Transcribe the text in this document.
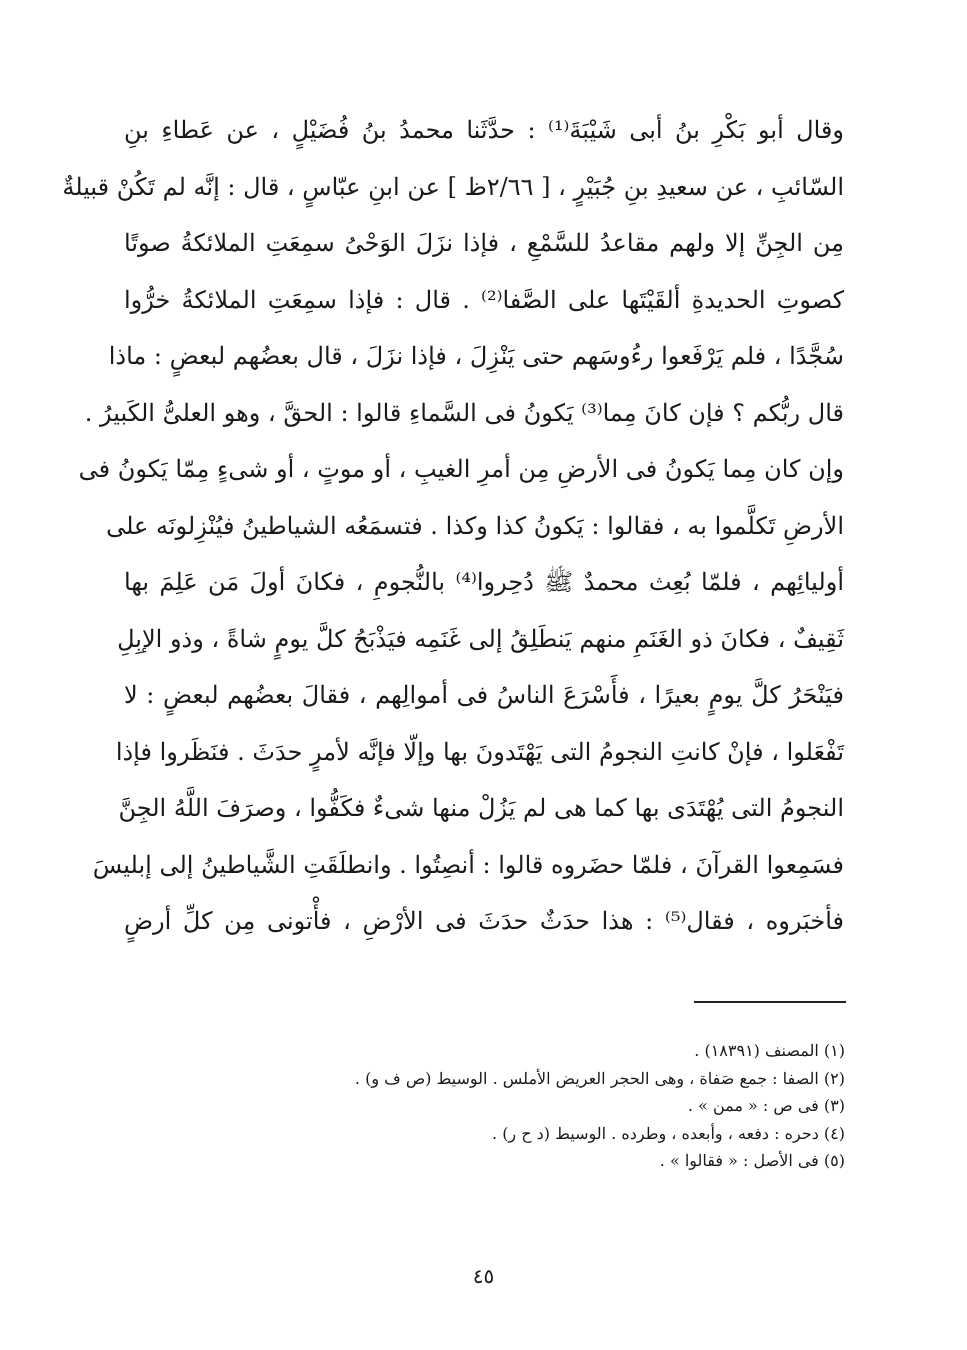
وقال أبو بَكْرِ بنُ أبى شَيْبَةَ⁽¹⁾ : حدَّثَنا محمدُ بنُ فُضَيْلٍ ، عن عَطاءِ بنِ
السّائبِ ، عن سعيدِ بنِ جُبَيْرٍ ، [ ٢/٦٦ظ ] عن ابنِ عبّاسٍ ، قال : إنَّه لم تَكُنْ قبيلةٌ
مِن الجِنِّ إلا ولهم مقاعدُ للسَّمْعِ ، فإذا نزَلَ الوَحْىُ سمِعَتِ الملائكةُ صوتًا
كصوتِ الحديدةِ ألقَيْتَها على الصَّفا⁽²⁾ . قال : فإذا سمِعَتِ الملائكةُ خرُّوا
سُجَّدًا ، فلم يَرْفَعوا رءُوسَهم حتى يَنْزِلَ ، فإذا نزَلَ ، قال بعضُهم لبعضٍ : ماذا
قال ربُّكم ؟ فإن كانَ مِما⁽³⁾ يَكونُ فى السَّماءِ قالوا : الحقَّ ، وهو العلىُّ الكَبيرُ .
وإن كان مِما يَكونُ فى الأرضِ مِن أمرِ الغيبِ ، أو موتٍ ، أو شىءٍ مِمّا يَكونُ فى
الأرضِ تَكلَّموا به ، فقالوا : يَكونُ كذا وكذا . فتسمَعُه الشياطينُ فيُنْزِلونَه على
أوليائِهم ، فلمّا بُعِث محمدٌ ﷺ دُحِروا⁽⁴⁾ بالنُّجومِ ، فكانَ أولَ مَن عَلِمَ بها
ثَقِيفٌ ، فكانَ ذو الغَنَمِ منهم يَنطَلِقُ إلى غَنَمِه فيَذْبَحُ كلَّ يومٍ شاةً ، وذو الإبِلِ
فيَنْحَرُ كلَّ يومٍ بعيرًا ، فأَسْرَعَ الناسُ فى أموالِهم ، فقالَ بعضُهم لبعضٍ : لا
تَفْعَلوا ، فإنْ كانتِ النجومُ التى يَهْتَدونَ بها وإلّا فإنَّه لأمرٍ حدَثَ . فنَظَروا فإذا
النجومُ التى يُهْتَدَى بها كما هى لم يَزُلْ منها شىءٌ فكَفُّوا ، وصرَفَ اللَّهُ الجِنَّ
فسَمِعوا القرآنَ ، فلمّا حضَروه قالوا : أنصِتُوا . وانطلَقَتِ الشَّياطينُ إلى إبليسَ
فأخبَروه ، فقال⁽⁵⁾ : هذا حدَثٌ حدَثَ فى الأرْضِ ، فأْتونى مِن كلِّ أرضٍ
(١) المصنف (١٨٣٩١) .
(٢) الصفا : جمع صَفاة ، وهى الحجر العريض الأملس . الوسيط (ص ف و) .
(٣) فى ص : « ممن » .
(٤) دحره : دفعه ، وأبعده ، وطرده . الوسيط (د ح ر) .
(٥) فى الأصل : « فقالوا » .
٤٥
